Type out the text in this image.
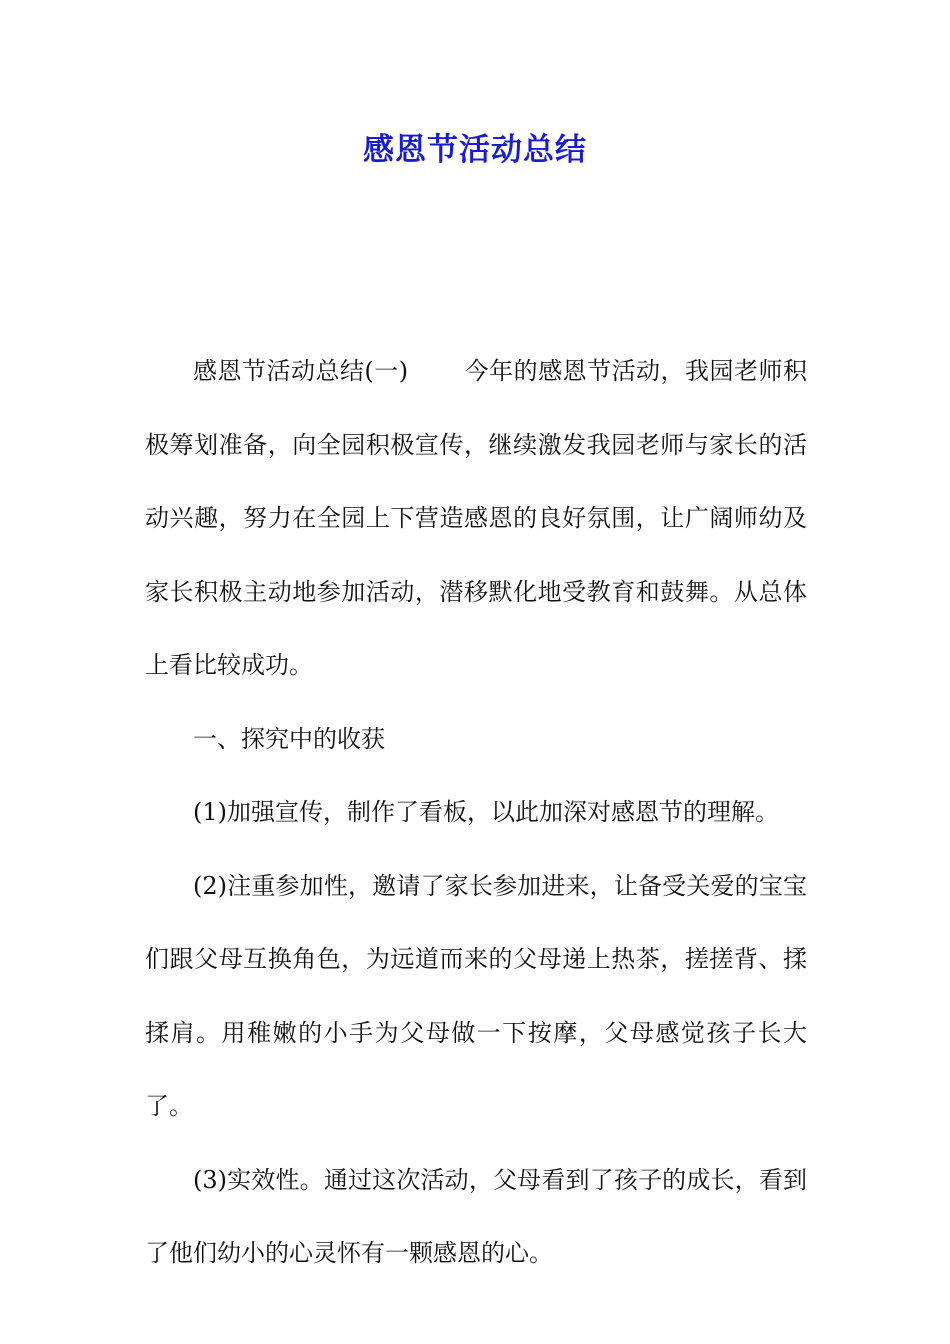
感恩节活动总结

感恩节活动总结(一) 今年的感恩节活动，我园老师积极筹划准备，向全园积极宣传，继续激发我园老师与家长的活动兴趣，努力在全园上下营造感恩的良好氛围，让广阔师幼及家长积极主动地参加活动，潜移默化地受教育和鼓舞。从总体上看比较成功。

一、探究中的收获

(1)加强宣传，制作了看板，以此加深对感恩节的理解。

(2)注重参加性，邀请了家长参加进来，让备受关爱的宝宝们跟父母互换角色，为远道而来的父母递上热茶，搓搓背、揉揉肩。用稚嫩的小手为父母做一下按摩，父母感觉孩子长大了。

(3)实效性。通过这次活动，父母看到了孩子的成长，看到了他们幼小的心灵怀有一颗感恩的心。
